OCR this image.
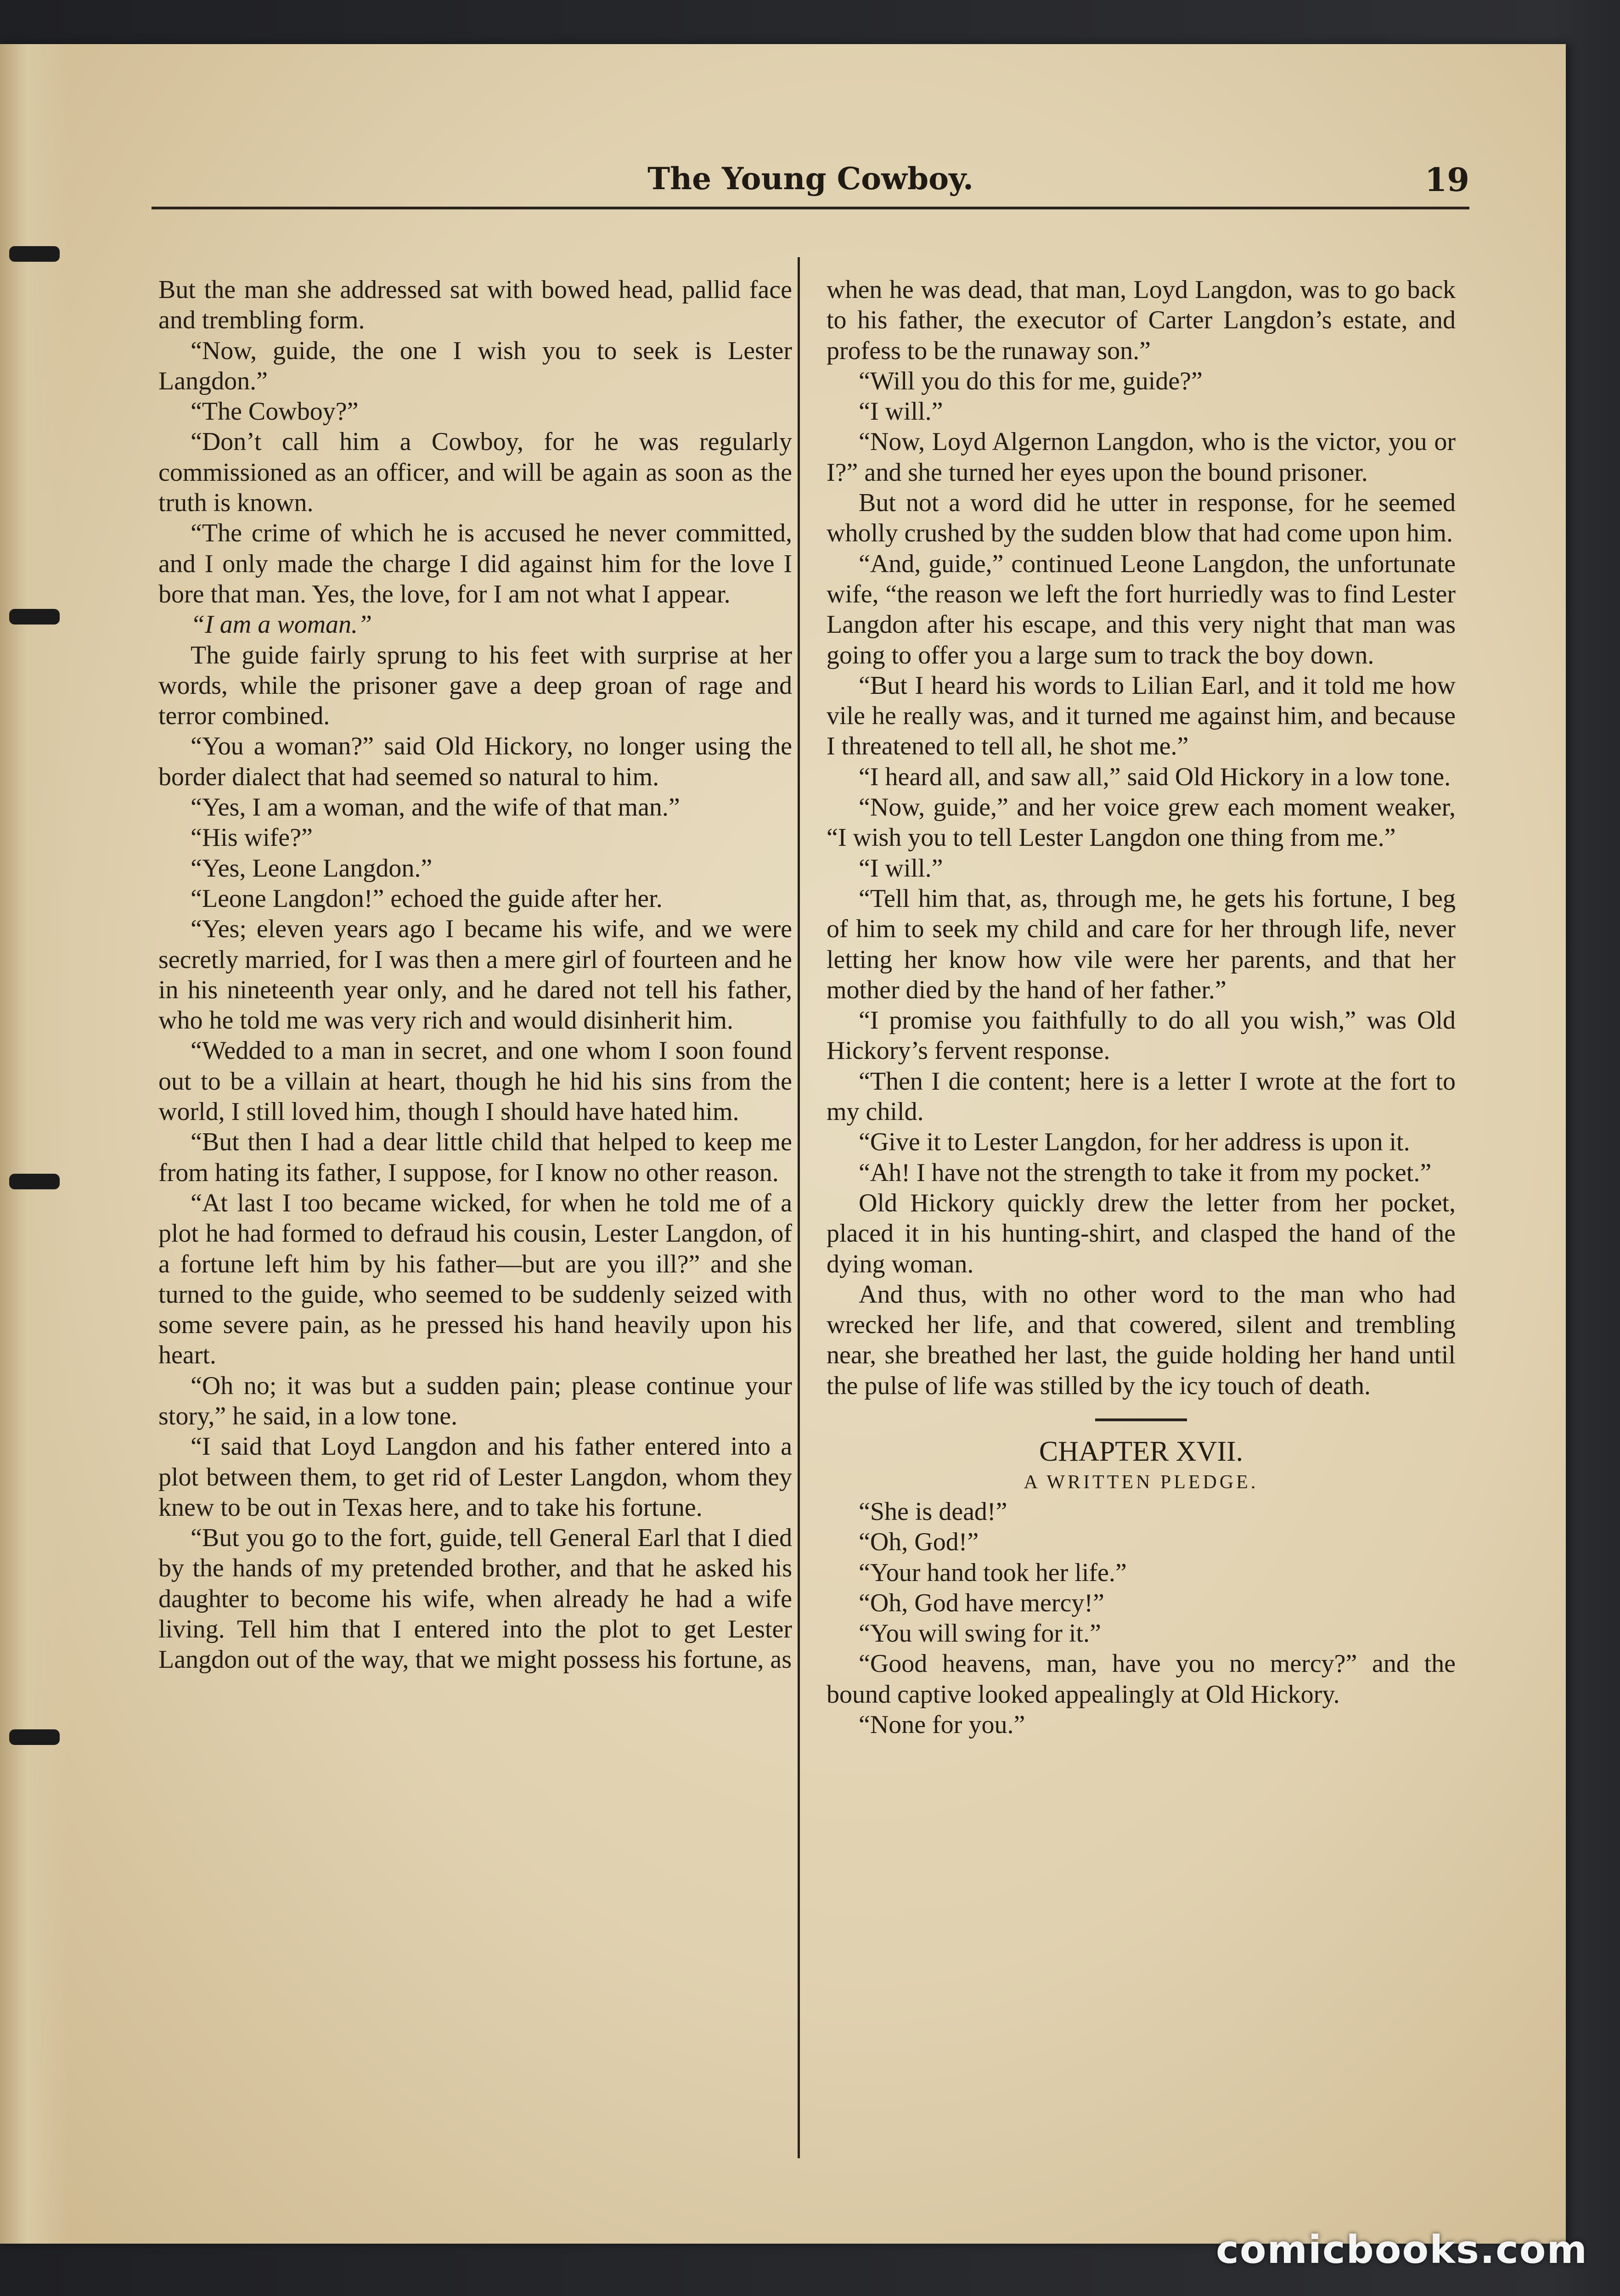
The Young Cowboy.	19

But the man she addressed sat with bowed head, pallid face and trembling form.

“Now, guide, the one I wish you to seek is Lester Langdon.”

“The Cowboy?”

“Don’t call him a Cowboy, for he was regularly commissioned as an officer, and will be again as soon as the truth is known.

“The crime of which he is accused he never committed, and I only made the charge I did against him for the love I bore that man. Yes, the love, for I am not what I appear.

“I am a woman.”

The guide fairly sprung to his feet with surprise at her words, while the prisoner gave a deep groan of rage and terror combined.

“You a woman?” said Old Hickory, no longer using the border dialect that had seemed so natural to him.

“Yes, I am a woman, and the wife of that man.”

“His wife?”

“Yes, Leone Langdon.”

“Leone Langdon!” echoed the guide after her.

“Yes; eleven years ago I became his wife, and we were secretly married, for I was then a mere girl of fourteen and he in his nineteenth year only, and he dared not tell his father, who he told me was very rich and would disinherit him.

“Wedded to a man in secret, and one whom I soon found out to be a villain at heart, though he hid his sins from the world, I still loved him, though I should have hated him.

“But then I had a dear little child that helped to keep me from hating its father, I suppose, for I know no other reason.

“At last I too became wicked, for when he told me of a plot he had formed to defraud his cousin, Lester Langdon, of a fortune left him by his father—but are you ill?” and she turned to the guide, who seemed to be suddenly seized with some severe pain, as he pressed his hand heavily upon his heart.

“Oh no; it was but a sudden pain; please continue your story,” he said, in a low tone.

“I said that Loyd Langdon and his father entered into a plot between them, to get rid of Lester Langdon, whom they knew to be out in Texas here, and to take his fortune.

“But you go to the fort, guide, tell General Earl that I died by the hands of my pretended brother, and that he asked his daughter to become his wife, when already he had a wife living. Tell him that I entered into the plot to get Lester Langdon out of the way, that we might possess his fortune, as

when he was dead, that man, Loyd Langdon, was to go back to his father, the executor of Carter Langdon’s estate, and profess to be the runaway son.”

“Will you do this for me, guide?”

“I will.”

“Now, Loyd Algernon Langdon, who is the victor, you or I?” and she turned her eyes upon the bound prisoner.

But not a word did he utter in response, for he seemed wholly crushed by the sudden blow that had come upon him.

“And, guide,” continued Leone Langdon, the unfortunate wife, “the reason we left the fort hurriedly was to find Lester Langdon after his escape, and this very night that man was going to offer you a large sum to track the boy down.

“But I heard his words to Lilian Earl, and it told me how vile he really was, and it turned me against him, and because I threatened to tell all, he shot me.”

“I heard all, and saw all,” said Old Hickory in a low tone.

“Now, guide,” and her voice grew each moment weaker, “I wish you to tell Lester Langdon one thing from me.”

“I will.”

“Tell him that, as, through me, he gets his fortune, I beg of him to seek my child and care for her through life, never letting her know how vile were her parents, and that her mother died by the hand of her father.”

“I promise you faithfully to do all you wish,” was Old Hickory’s fervent response.

“Then I die content; here is a letter I wrote at the fort to my child.

“Give it to Lester Langdon, for her address is upon it.

“Ah! I have not the strength to take it from my pocket.”

Old Hickory quickly drew the letter from her pocket, placed it in his hunting-shirt, and clasped the hand of the dying woman.

And thus, with no other word to the man who had wrecked her life, and that cowered, silent and trembling near, she breathed her last, the guide holding her hand until the pulse of life was stilled by the icy touch of death.

CHAPTER XVII.

A WRITTEN PLEDGE.

“She is dead!”

“Oh, God!”

“Your hand took her life.”

“Oh, God have mercy!”

“You will swing for it.”

“Good heavens, man, have you no mercy?” and the bound captive looked appealingly at Old Hickory.

“None for you.”

comicbooks.com
